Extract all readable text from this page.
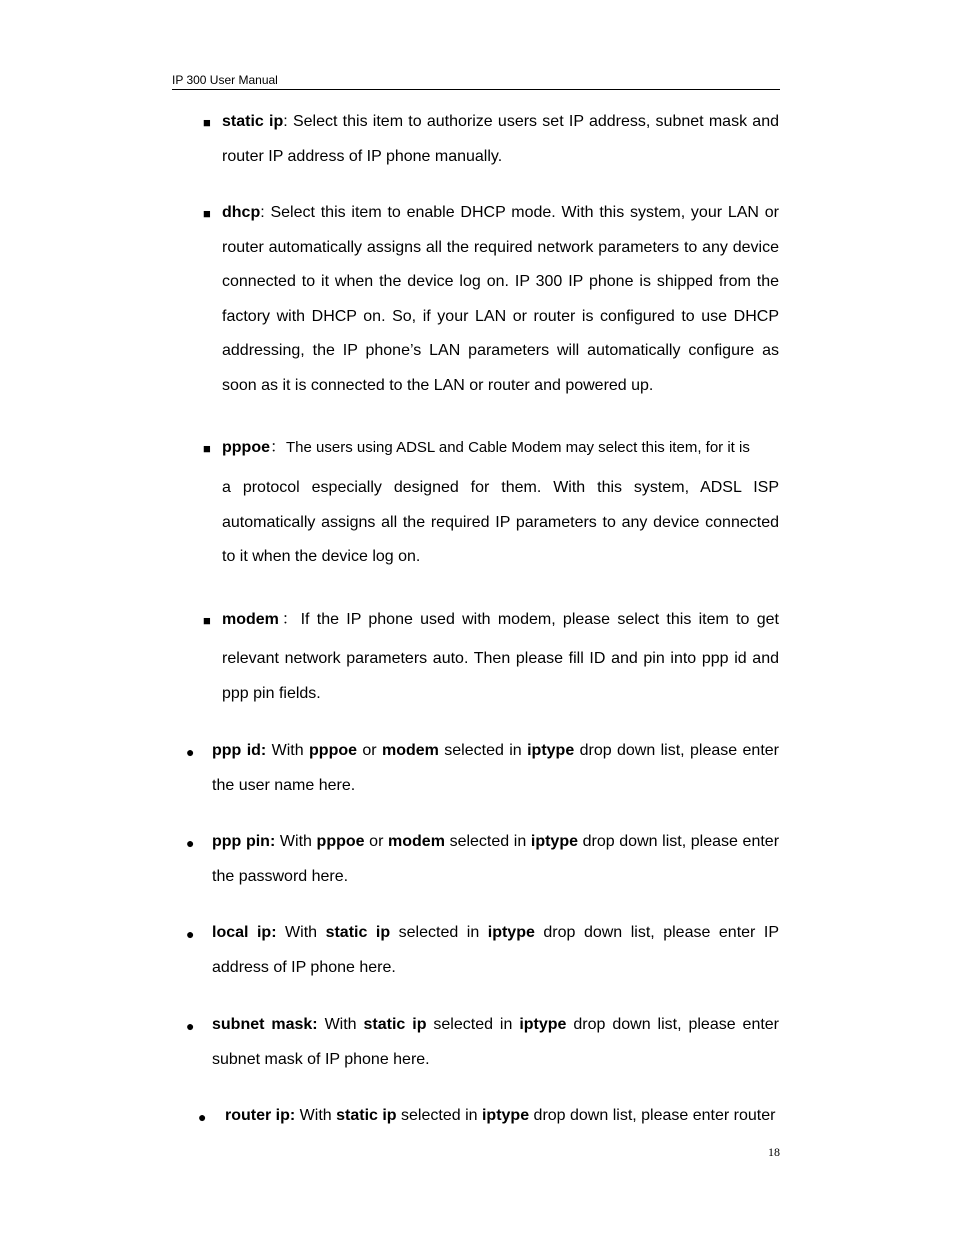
IP 300 User Manual
■ static ip: Select this item to authorize users set IP address, subnet mask and router IP address of IP phone manually.

■ dhcp: Select this item to enable DHCP mode. With this system, your LAN or router automatically assigns all the required network parameters to any device connected to it when the device log on. IP 300 IP phone is shipped from the factory with DHCP on. So, if your LAN or router is configured to use DHCP addressing, the IP phone’s LAN parameters will automatically configure as soon as it is connected to the LAN or router and powered up.

■ pppoe：The users using ADSL and Cable Modem may select this item, for it is

a protocol especially designed for them. With this system, ADSL ISP automatically assigns all the required IP parameters to any device connected to it when the device log on.

■ modem：If the IP phone used with modem, please select this item to get

relevant network parameters auto. Then please fill ID and pin into ppp id and ppp pin fields.

● ppp id: With pppoe or modem selected in iptype drop down list, please enter the user name here.

● ppp pin: With pppoe or modem selected in iptype drop down list, please enter the password here.

● local ip: With static ip selected in iptype drop down list, please enter IP address of IP phone here.

● subnet mask: With static ip selected in iptype drop down list, please enter subnet mask of IP phone here.

● router ip: With static ip selected in iptype drop down list, please enter router

18
